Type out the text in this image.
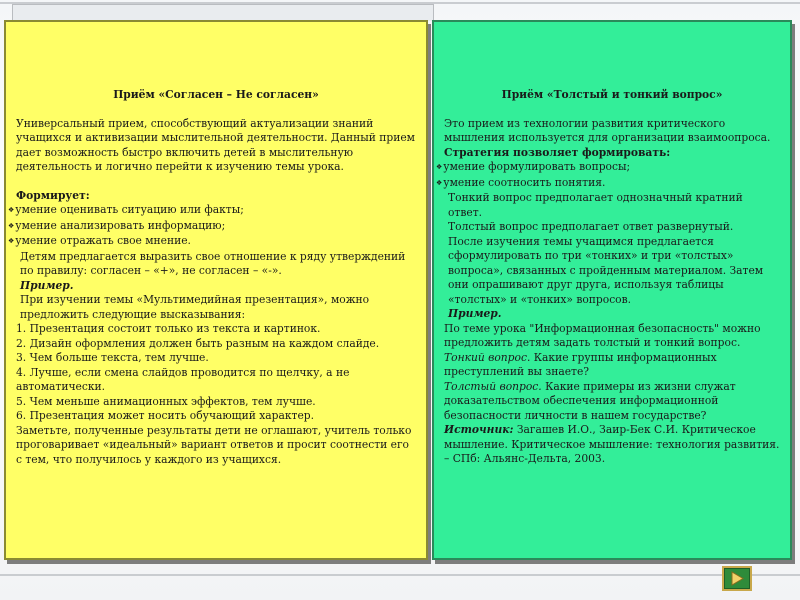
Приём «Согласен – Не согласен»

Универсальный прием, способствующий актуализации знаний учащихся и активизации мыслительной деятельности. Данный прием дает возможность быстро включить детей в мыслительную деятельность и логично перейти к изучению темы урока.

Формирует:

❖ умение оценивать ситуацию или факты;
❖ умение анализировать информацию;
❖ умение отражать свое мнение.

Детям предлагается выразить свое отношение к ряду утверждений по правилу: согласен – «+», не согласен – «-».

Пример.

При изучении темы «Мультимедийная презентация», можно предложить следующие высказывания:

1. Презентация состоит только из текста и картинок.

2. Дизайн оформления должен быть разным на каждом слайде.

3. Чем больше текста, тем лучше.

4. Лучше, если смена слайдов проводится по щелчку, а не автоматически.

5. Чем меньше анимационных эффектов, тем лучше.

6. Презентация может носить обучающий характер.

Заметьте, полученные результаты дети не оглашают, учитель только проговаривает «идеальный» вариант ответов и просит соотнести его с тем, что получилось у каждого из учащихся.

Приём «Толстый и тонкий вопрос»

Это прием из технологии развития критического мышления используется для организации взаимоопроса.

Стратегия позволяет формировать:

❖ умение формулировать вопросы;
❖ умение соотносить понятия.

Тонкий вопрос предполагает однозначный кратний ответ.

Толстый вопрос предполагает ответ развернутый.

После изучения темы учащимся предлагается сформулировать по три «тонких» и три «толстых» вопроса», связанных с пройденным материалом. Затем они опрашивают друг друга, используя таблицы «толстых» и «тонких» вопросов.

Пример.

По теме урока "Информационная безопасность" можно предложить детям задать толстый и тонкий вопрос.

Тонкий вопрос. Какие группы информационных преступлений вы знаете?

Толстый вопрос. Какие примеры из жизни служат доказательством обеспечения информационной безопасности личности в нашем государстве?

Источник: Загашев И.О., Заир-Бек С.И. Критическое мышление. Критическое мышление: технология развития. – СПб: Альянс-Дельта, 2003.
